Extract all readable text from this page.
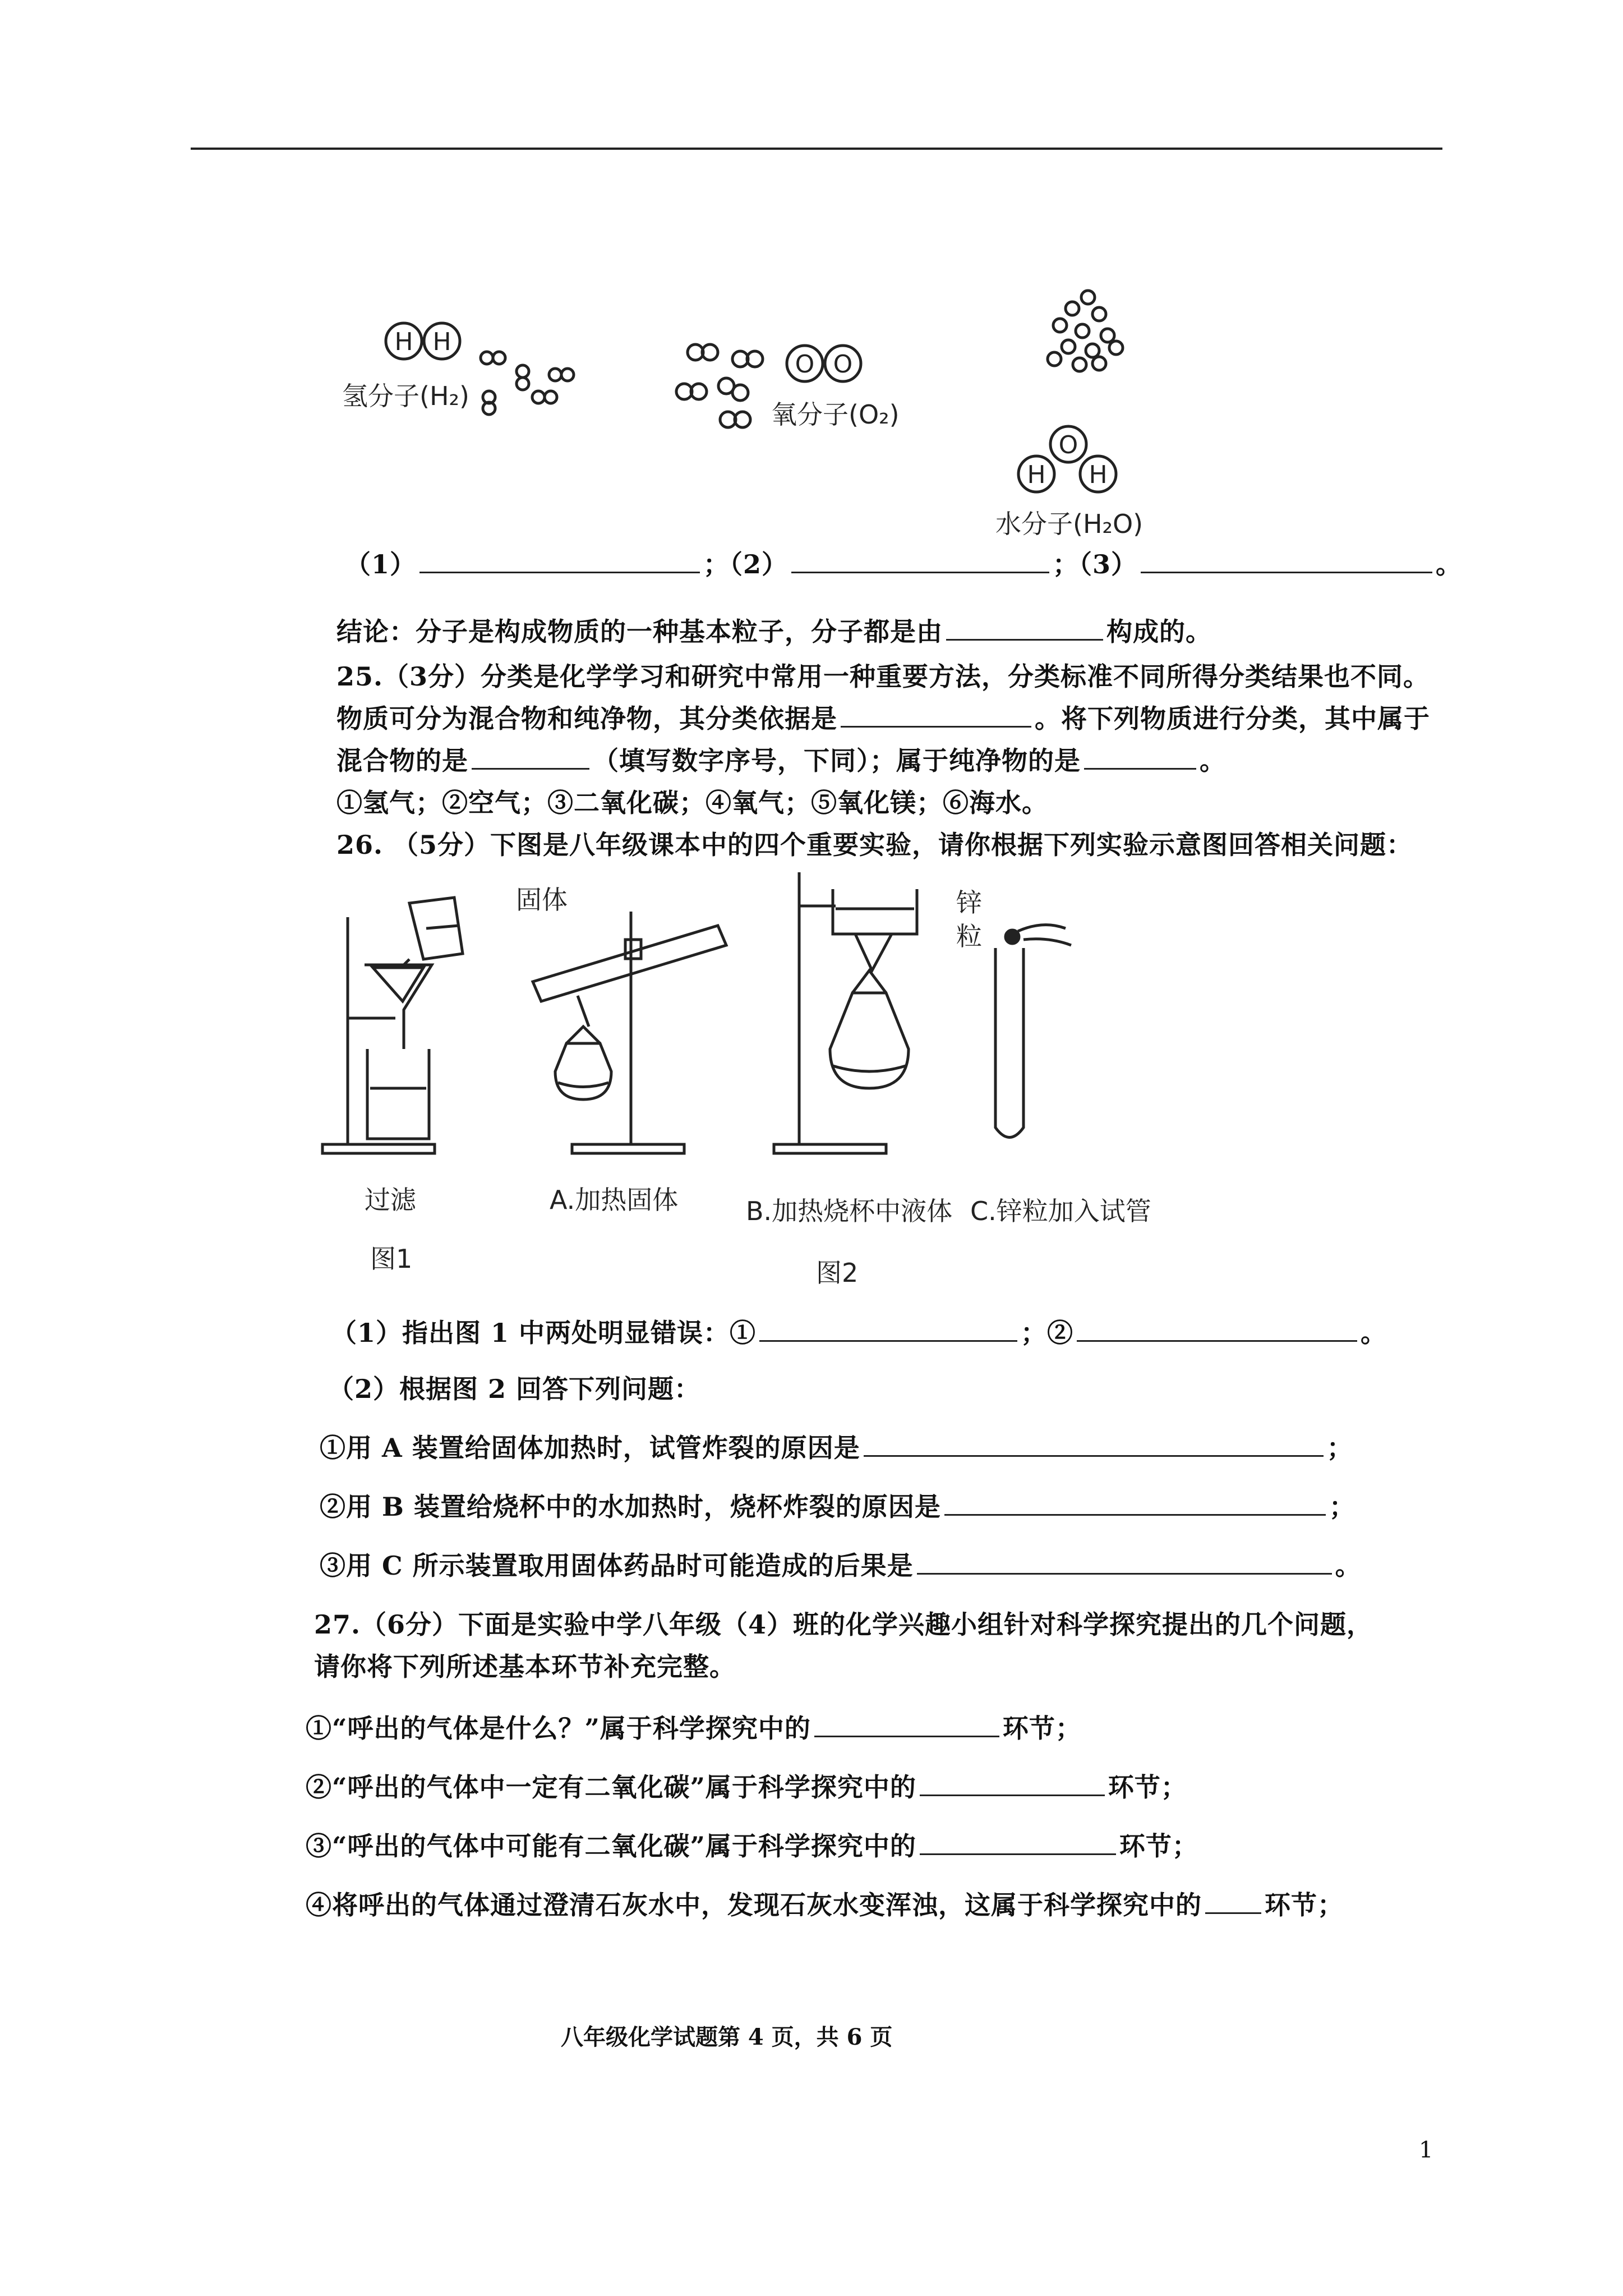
H H
氢分子(H₂)
O O
氧分子(O₂)
O
H H
水分子(H₂O)
（1）	；（2）	；（3）	。
结论：分子是构成物质的一种基本粒子，分子都是由	构成的。
25.（3分）分类是化学学习和研究中常用一种重要方法，分类标准不同所得分类结果也不同。
物质可分为混合物和纯净物，其分类依据是	。将下列物质进行分类，其中属于
混合物的是	（填写数字序号，下同）；属于纯净物的是	。
①氢气；②空气；③二氧化碳；④氧气；⑤氧化镁；⑥海水。
26. （5分）下图是八年级课本中的四个重要实验，请你根据下列实验示意图回答相关问题：
固体	锌
粒
过滤	A.加热固体	B.加热烧杯中液体 C.锌粒加入试管
图1	图2
（1）指出图 1 中两处明显错误：①	；②	。
（2）根据图 2 回答下列问题：
①用 A 装置给固体加热时，试管炸裂的原因是	；
②用 B 装置给烧杯中的水加热时，烧杯炸裂的原因是	；
③用 C 所示装置取用固体药品时可能造成的后果是	。
27.（6分）下面是实验中学八年级（4）班的化学兴趣小组针对科学探究提出的几个问题，
请你将下列所述基本环节补充完整。
①“呼出的气体是什么？”属于科学探究中的	环节；
②“呼出的气体中一定有二氧化碳”属于科学探究中的	环节；
③“呼出的气体中可能有二氧化碳”属于科学探究中的	环节；
④将呼出的气体通过澄清石灰水中，发现石灰水变浑浊，这属于科学探究中的 环节；
八年级化学试题第 4 页，共 6 页
1
